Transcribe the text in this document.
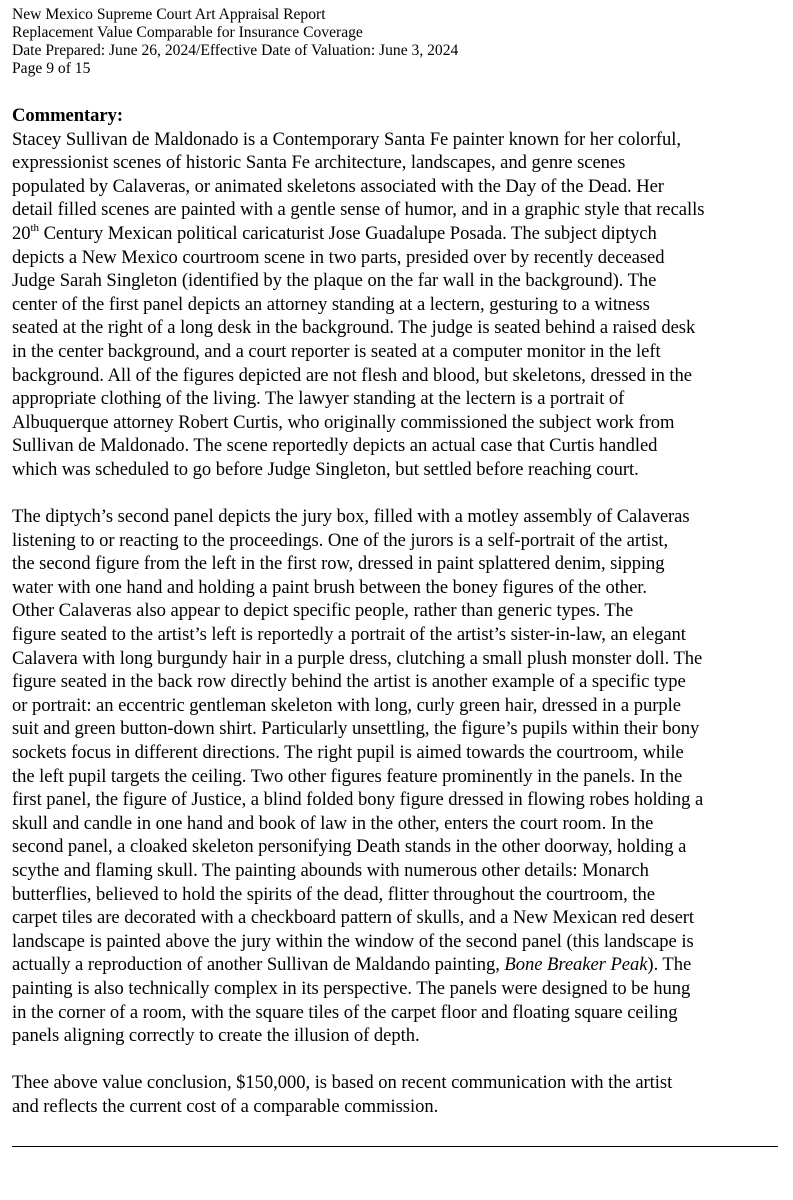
New Mexico Supreme Court Art Appraisal Report
Replacement Value Comparable for Insurance Coverage
Date Prepared: June 26, 2024/Effective Date of Valuation: June 3, 2024
Page 9 of 15
Commentary:
Stacey Sullivan de Maldonado is a Contemporary Santa Fe painter known for her colorful,
expressionist scenes of historic Santa Fe architecture, landscapes, and genre scenes
populated by Calaveras, or animated skeletons associated with the Day of the Dead. Her
detail filled scenes are painted with a gentle sense of humor, and in a graphic style that recalls
20th Century Mexican political caricaturist Jose Guadalupe Posada. The subject diptych
depicts a New Mexico courtroom scene in two parts, presided over by recently deceased
Judge Sarah Singleton (identified by the plaque on the far wall in the background). The
center of the first panel depicts an attorney standing at a lectern, gesturing to a witness
seated at the right of a long desk in the background. The judge is seated behind a raised desk
in the center background, and a court reporter is seated at a computer monitor in the left
background. All of the figures depicted are not flesh and blood, but skeletons, dressed in the
appropriate clothing of the living. The lawyer standing at the lectern is a portrait of
Albuquerque attorney Robert Curtis, who originally commissioned the subject work from
Sullivan de Maldonado. The scene reportedly depicts an actual case that Curtis handled
which was scheduled to go before Judge Singleton, but settled before reaching court.
The diptych’s second panel depicts the jury box, filled with a motley assembly of Calaveras
listening to or reacting to the proceedings. One of the jurors is a self-portrait of the artist,
the second figure from the left in the first row, dressed in paint splattered denim, sipping
water with one hand and holding a paint brush between the boney figures of the other.
Other Calaveras also appear to depict specific people, rather than generic types. The
figure seated to the artist’s left is reportedly a portrait of the artist’s sister-in-law, an elegant
Calavera with long burgundy hair in a purple dress, clutching a small plush monster doll. The
figure seated in the back row directly behind the artist is another example of a specific type
or portrait: an eccentric gentleman skeleton with long, curly green hair, dressed in a purple
suit and green button-down shirt. Particularly unsettling, the figure’s pupils within their bony
sockets focus in different directions. The right pupil is aimed towards the courtroom, while
the left pupil targets the ceiling. Two other figures feature prominently in the panels. In the
first panel, the figure of Justice, a blind folded bony figure dressed in flowing robes holding a
skull and candle in one hand and book of law in the other, enters the court room. In the
second panel, a cloaked skeleton personifying Death stands in the other doorway, holding a
scythe and flaming skull. The painting abounds with numerous other details: Monarch
butterflies, believed to hold the spirits of the dead, flitter throughout the courtroom, the
carpet tiles are decorated with a checkboard pattern of skulls, and a New Mexican red desert
landscape is painted above the jury within the window of the second panel (this landscape is
actually a reproduction of another Sullivan de Maldando painting, Bone Breaker Peak). The
painting is also technically complex in its perspective. The panels were designed to be hung
in the corner of a room, with the square tiles of the carpet floor and floating square ceiling
panels aligning correctly to create the illusion of depth.
Thee above value conclusion, $150,000, is based on recent communication with the artist
and reflects the current cost of a comparable commission.
